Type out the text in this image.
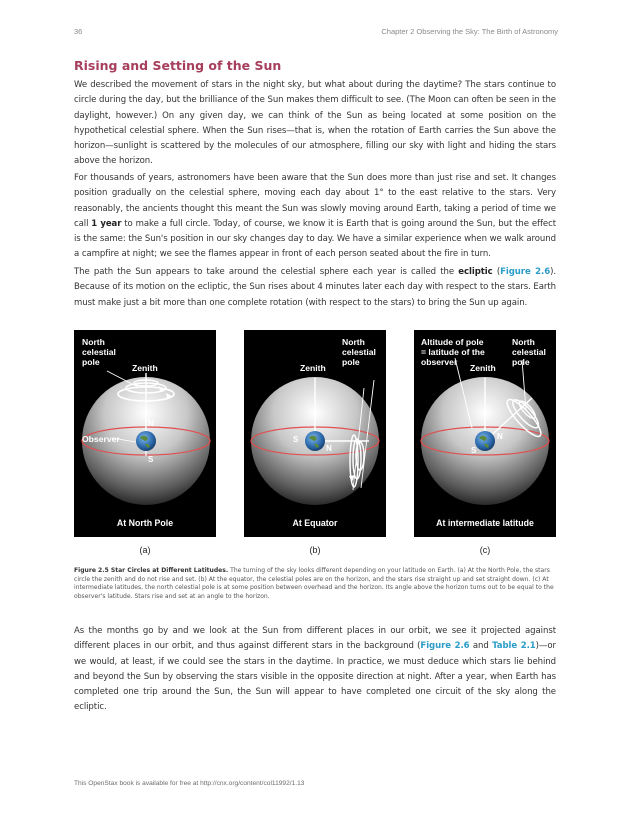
36	Chapter 2 Observing the Sky: The Birth of Astronomy
Rising and Setting of the Sun

We described the movement of stars in the night sky, but what about during the daytime? The stars continue to circle during the day, but the brilliance of the Sun makes them difficult to see. (The Moon can often be seen in the daylight, however.) On any given day, we can think of the Sun as being located at some position on the hypothetical celestial sphere. When the Sun rises—that is, when the rotation of Earth carries the Sun above the horizon—sunlight is scattered by the molecules of our atmosphere, filling our sky with light and hiding the stars above the horizon.

For thousands of years, astronomers have been aware that the Sun does more than just rise and set. It changes position gradually on the celestial sphere, moving each day about 1° to the east relative to the stars. Very reasonably, the ancients thought this meant the Sun was slowly moving around Earth, taking a period of time we call 1 year to make a full circle. Today, of course, we know it is Earth that is going around the Sun, but the effect is the same: the Sun's position in our sky changes day to day. We have a similar experience when we walk around a campfire at night; we see the flames appear in front of each person seated about the fire in turn.

The path the Sun appears to take around the celestial sphere each year is called the ecliptic (Figure 2.6). Because of its motion on the ecliptic, the Sun rises about 4 minutes later each day with respect to the stars. Earth must make just a bit more than one complete rotation (with respect to the stars) to bring the Sun up again.

North
celestial
pole
Zenith
Observer
N
S
At North Pole
North
celestial
pole
Zenith
N
S
At Equator
Altitude of pole
= latitude of the
observer
North
celestial
pole
Zenith
N
S
At intermediate latitude
(a)	(b)	(c)

Figure 2.5 Star Circles at Different Latitudes. The turning of the sky looks different depending on your latitude on Earth. (a) At the North Pole, the stars circle the zenith and do not rise and set. (b) At the equator, the celestial poles are on the horizon, and the stars rise straight up and set straight down. (c) At intermediate latitudes, the north celestial pole is at some position between overhead and the horizon. Its angle above the horizon turns out to be equal to the observer's latitude. Stars rise and set at an angle to the horizon.

As the months go by and we look at the Sun from different places in our orbit, we see it projected against different places in our orbit, and thus against different stars in the background (Figure 2.6 and Table 2.1)—or we would, at least, if we could see the stars in the daytime. In practice, we must deduce which stars lie behind and beyond the Sun by observing the stars visible in the opposite direction at night. After a year, when Earth has completed one trip around the Sun, the Sun will appear to have completed one circuit of the sky along the ecliptic.

This OpenStax book is available for free at http://cnx.org/content/col11992/1.13
